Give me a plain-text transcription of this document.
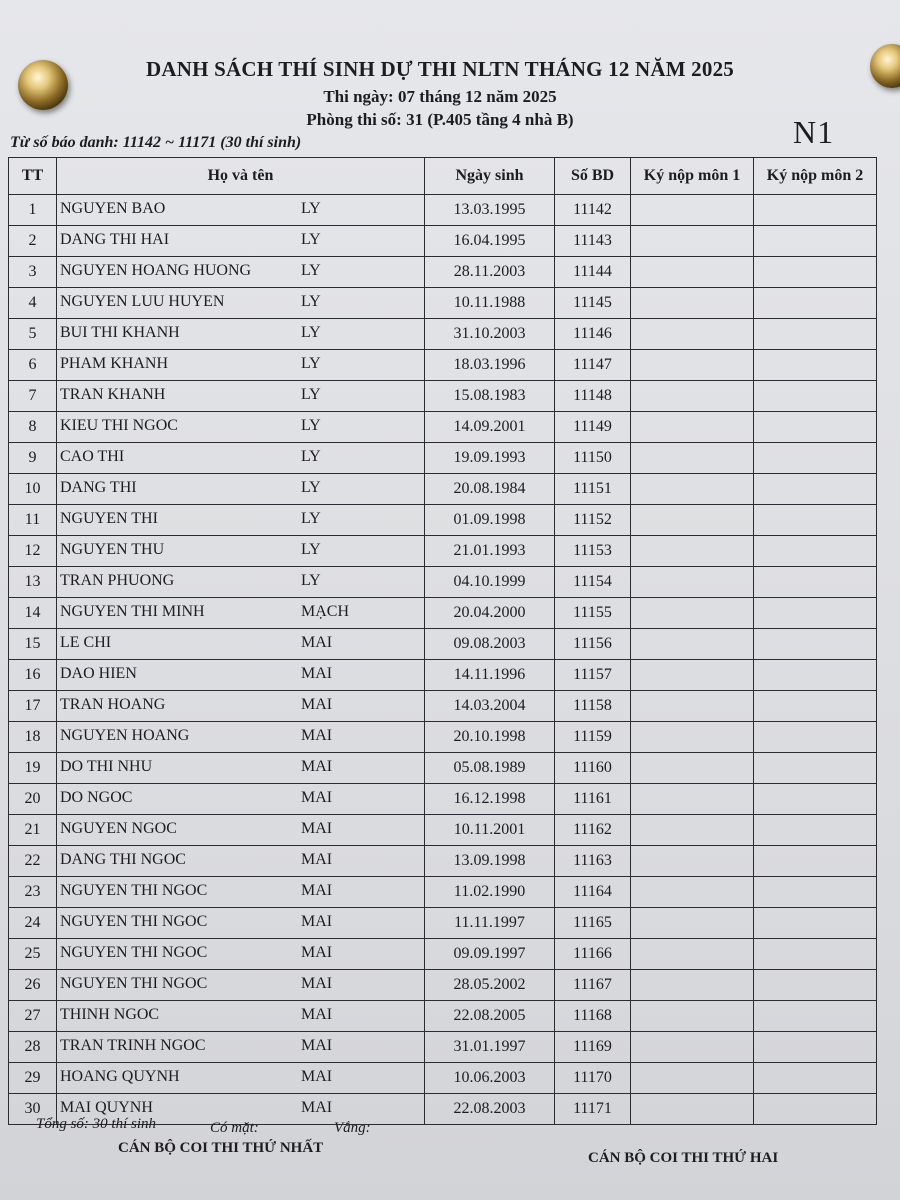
DANH SÁCH THÍ SINH DỰ THI NLTN THÁNG 12 NĂM 2025
Thi ngày: 07 tháng 12 năm 2025
Phòng thi số: 31 (P.405 tầng 4 nhà B)
Từ số báo danh: 11142 ~ 11171 (30 thí sinh)	N1
TT	Họ và tên	Ngày sinh	Số BD	Ký nộp môn 1	Ký nộp môn 2
1	NGUYEN BAO LY	13.03.1995	11142		
2	DANG THI HAI LY	16.04.1995	11143		
3	NGUYEN HOANG HUONG LY	28.11.2003	11144		
4	NGUYEN LUU HUYEN LY	10.11.1988	11145		
5	BUI THI KHANH LY	31.10.2003	11146		
6	PHAM KHANH LY	18.03.1996	11147		
7	TRAN KHANH LY	15.08.1983	11148		
8	KIEU THI NGOC LY	14.09.2001	11149		
9	CAO THI LY	19.09.1993	11150		
10	DANG THI LY	20.08.1984	11151		
11	NGUYEN THI LY	01.09.1998	11152		
12	NGUYEN THU LY	21.01.1993	11153		
13	TRAN PHUONG LY	04.10.1999	11154		
14	NGUYEN THI MINH MẠCH	20.04.2000	11155		
15	LE CHI MAI	09.08.2003	11156		
16	DAO HIEN MAI	14.11.1996	11157		
17	TRAN HOANG MAI	14.03.2004	11158		
18	NGUYEN HOANG MAI	20.10.1998	11159		
19	DO THI NHU MAI	05.08.1989	11160		
20	DO NGOC MAI	16.12.1998	11161		
21	NGUYEN NGOC MAI	10.11.2001	11162		
22	DANG THI NGOC MAI	13.09.1998	11163		
23	NGUYEN THI NGOC MAI	11.02.1990	11164		
24	NGUYEN THI NGOC MAI	11.11.1997	11165		
25	NGUYEN THI NGOC MAI	09.09.1997	11166		
26	NGUYEN THI NGOC MAI	28.05.2002	11167		
27	THINH NGOC MAI	22.08.2005	11168		
28	TRAN TRINH NGOC MAI	31.01.1997	11169		
29	HOANG QUYNH MAI	10.06.2003	11170		
30	MAI QUYNH MAI	22.08.2003	11171		
Tổng số: 30 thí sinh	Có mặt:	Vắng:
CÁN BỘ COI THI THỨ NHẤT
CÁN BỘ COI THI THỨ HAI
